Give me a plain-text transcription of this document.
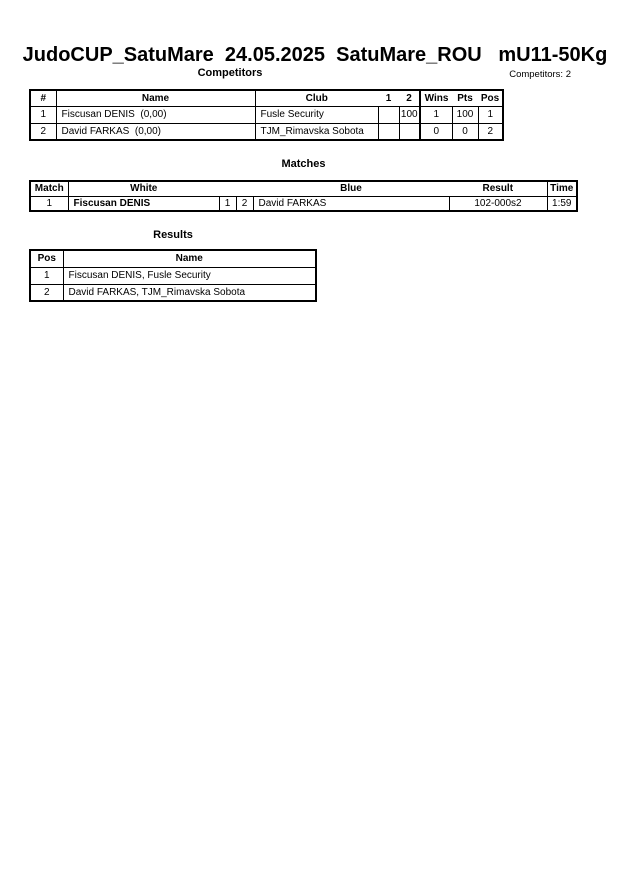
JudoCUP_SatuMare  24.05.2025  SatuMare_ROU   mU11-50Kg
Competitors	Competitors: 2
#	Name	Club	1	2	Wins	Pts	Pos
1	Fiscusan DENIS  (0,00)	Fusle Security		100	1	100	1
2	David FARKAS  (0,00)	TJM_Rimavska Sobota			0	0	2
Matches
Match	White			Blue	Result	Time
1	Fiscusan DENIS	1	2	David FARKAS	102-000s2	1:59
Results
Pos	Name
1	Fiscusan DENIS, Fusle Security
2	David FARKAS, TJM_Rimavska Sobota
